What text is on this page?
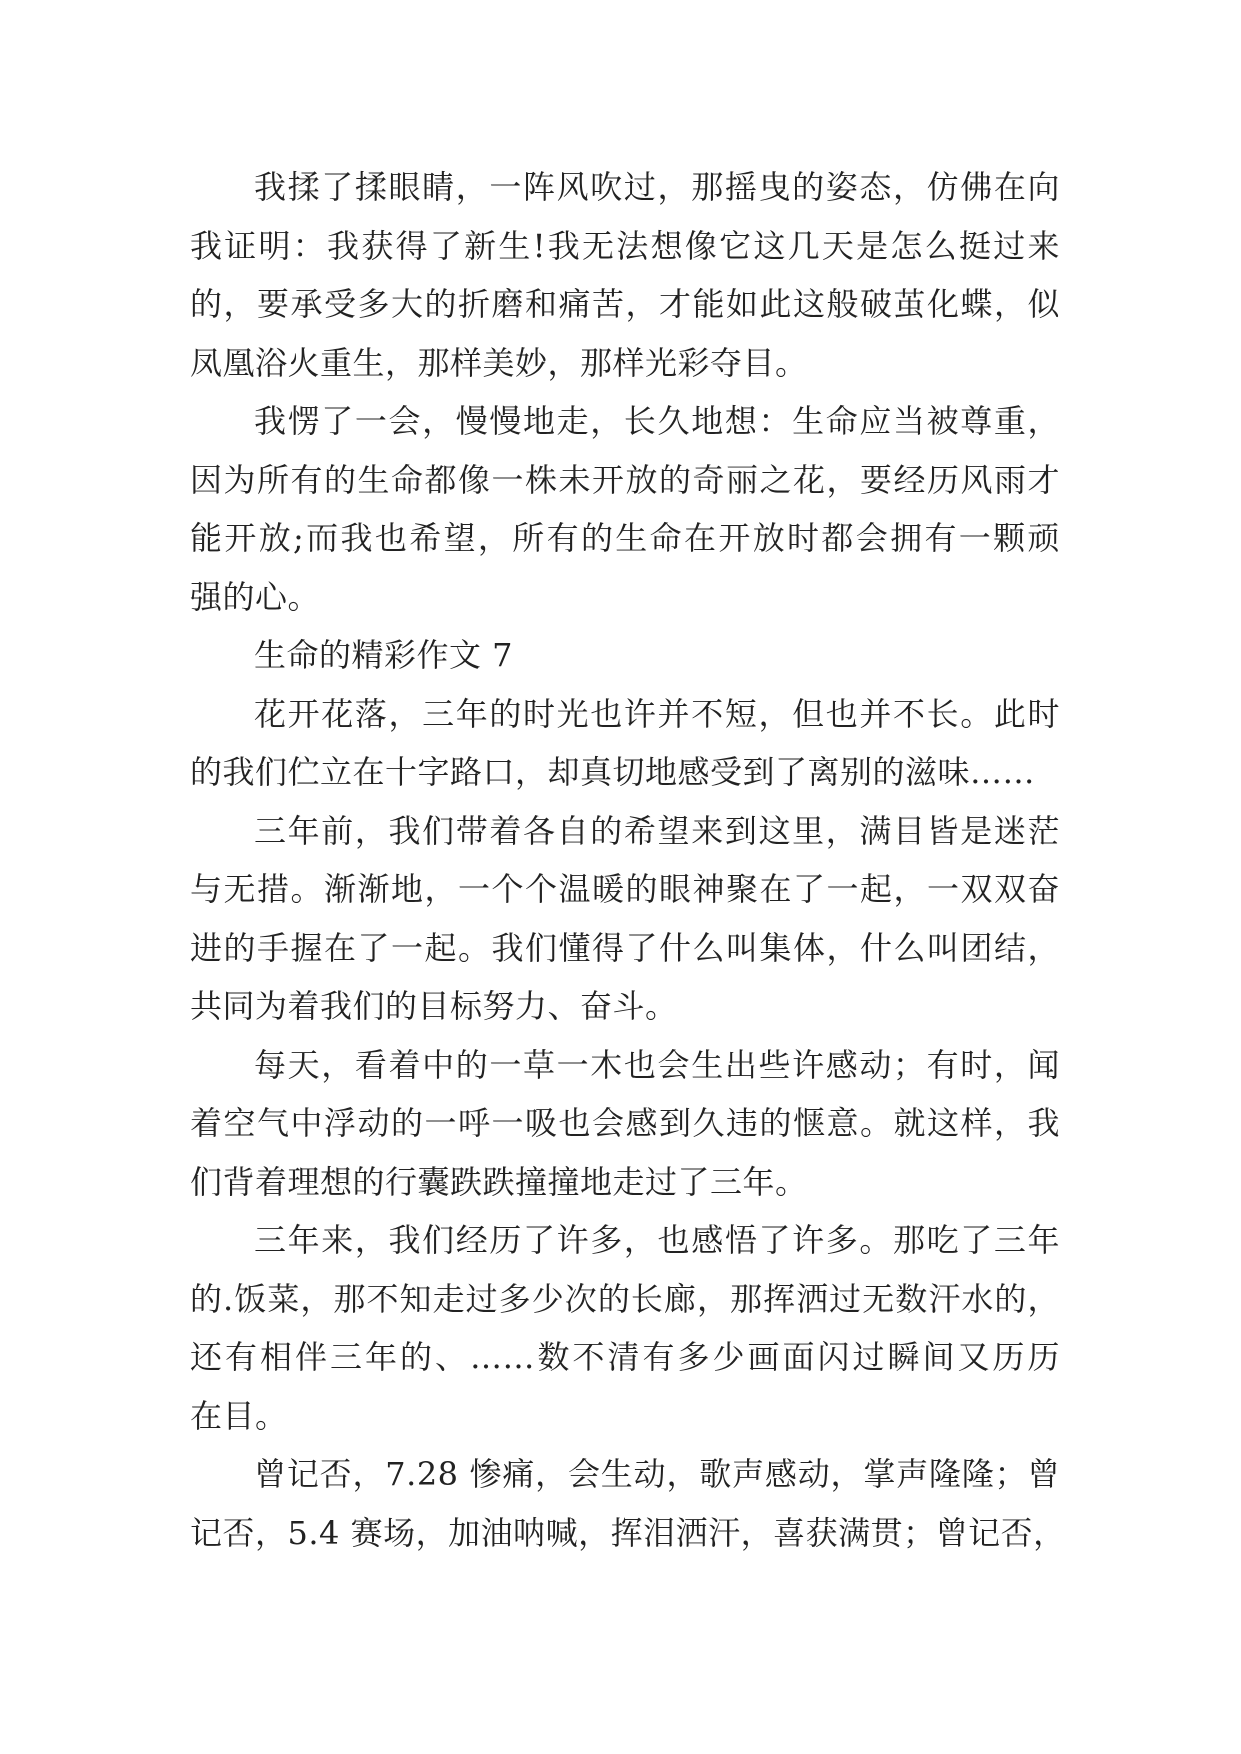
我揉了揉眼睛，一阵风吹过，那摇曳的姿态，仿佛在向
我证明：我获得了新生!我无法想像它这几天是怎么挺过来
的，要承受多大的折磨和痛苦，才能如此这般破茧化蝶，似
凤凰浴火重生，那样美妙，那样光彩夺目。
我愣了一会，慢慢地走，长久地想：生命应当被尊重，
因为所有的生命都像一株未开放的奇丽之花，要经历风雨才
能开放;而我也希望，所有的生命在开放时都会拥有一颗顽
强的心。
生命的精彩作文 7
花开花落，三年的时光也许并不短，但也并不长。此时
的我们伫立在十字路口，却真切地感受到了离别的滋味……
三年前，我们带着各自的希望来到这里，满目皆是迷茫
与无措。渐渐地，一个个温暖的眼神聚在了一起，一双双奋
进的手握在了一起。我们懂得了什么叫集体，什么叫团结，
共同为着我们的目标努力、奋斗。
每天，看着中的一草一木也会生出些许感动；有时，闻
着空气中浮动的一呼一吸也会感到久违的惬意。就这样，我
们背着理想的行囊跌跌撞撞地走过了三年。
三年来，我们经历了许多，也感悟了许多。那吃了三年
的.饭菜，那不知走过多少次的长廊，那挥洒过无数汗水的，
还有相伴三年的、……数不清有多少画面闪过瞬间又历历
在目。
曾记否，7.28 惨痛，会生动，歌声感动，掌声隆隆；曾
记否，5.4 赛场，加油呐喊，挥泪洒汗，喜获满贯；曾记否，
